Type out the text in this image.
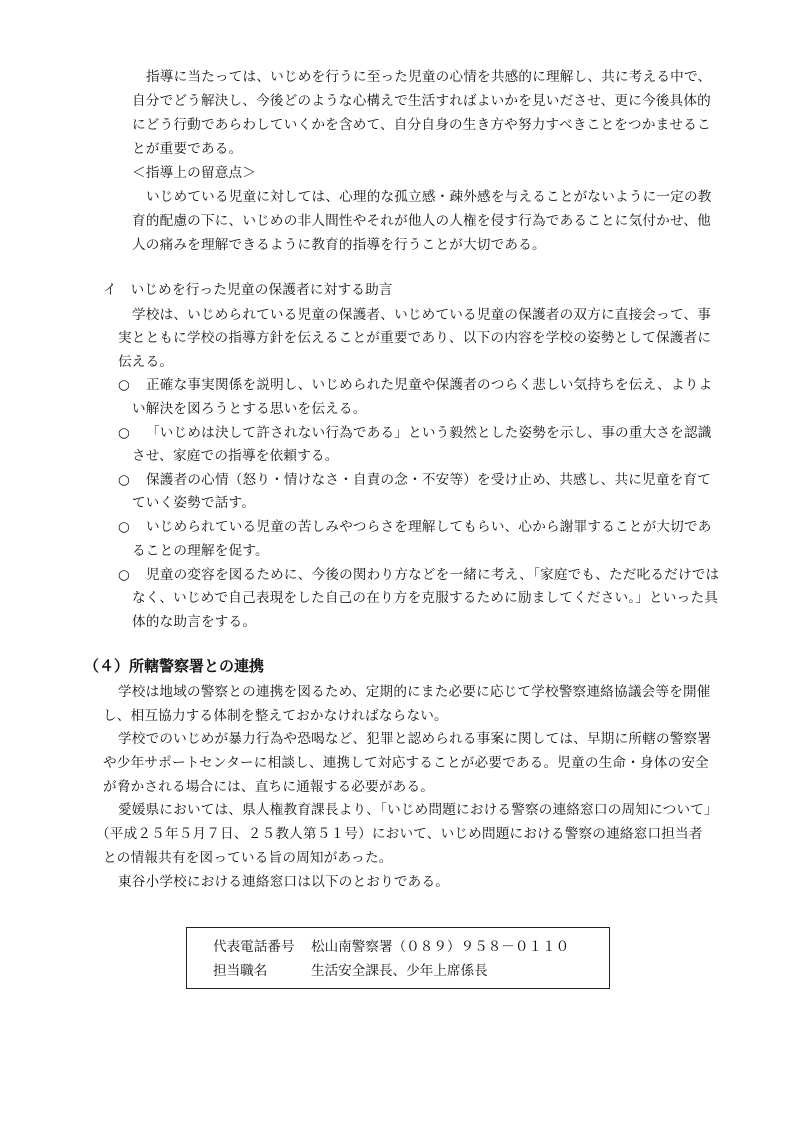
指導に当たっては、いじめを行うに至った児童の心情を共感的に理解し、共に考える中で、
自分でどう解決し、今後どのような心構えで生活すればよいかを見いださせ、更に今後具体的
にどう行動であらわしていくかを含めて、自分自身の生き方や努力すべきことをつかませるこ
とが重要である。
＜指導上の留意点＞
いじめている児童に対しては、心理的な孤立感・疎外感を与えることがないように一定の教
育的配慮の下に、いじめの非人間性やそれが他人の人権を侵す行為であることに気付かせ、他
人の痛みを理解できるように教育的指導を行うことが大切である。
イ　いじめを行った児童の保護者に対する助言
学校は、いじめられている児童の保護者、いじめている児童の保護者の双方に直接会って、事
実とともに学校の指導方針を伝えることが重要であり、以下の内容を学校の姿勢として保護者に
伝える。
○ 正確な事実関係を説明し、いじめられた児童や保護者のつらく悲しい気持ちを伝え、よりよ
い解決を図ろうとする思いを伝える。
○ 「いじめは決して許されない行為である」という毅然とした姿勢を示し、事の重大さを認識
させ、家庭での指導を依頼する。
○ 保護者の心情（怒り・情けなさ・自責の念・不安等）を受け止め、共感し、共に児童を育て
ていく姿勢で話す。
○ いじめられている児童の苦しみやつらさを理解してもらい、心から謝罪することが大切であ
ることの理解を促す。
○ 児童の変容を図るために、今後の関わり方などを一緒に考え、「家庭でも、ただ叱るだけでは
なく、いじめで自己表現をした自己の在り方を克服するために励ましてください。」といった具
体的な助言をする。
（４）所轄警察署との連携
学校は地域の警察との連携を図るため、定期的にまた必要に応じて学校警察連絡協議会等を開催
し、相互協力する体制を整えておかなければならない。
学校でのいじめが暴力行為や恐喝など、犯罪と認められる事案に関しては、早期に所轄の警察署
や少年サポートセンターに相談し、連携して対応することが必要である。児童の生命・身体の安全
が脅かされる場合には、直ちに通報する必要がある。
愛媛県においては、県人権教育課長より、「いじめ問題における警察の連絡窓口の周知について」
（平成２５年５月７日、２５教人第５１号）において、いじめ問題における警察の連絡窓口担当者
との情報共有を図っている旨の周知があった。
東谷小学校における連絡窓口は以下のとおりである。
代表電話番号 松山南警察署（０８９）９５８－０１１０
担当職名	生活安全課長、少年上席係長
